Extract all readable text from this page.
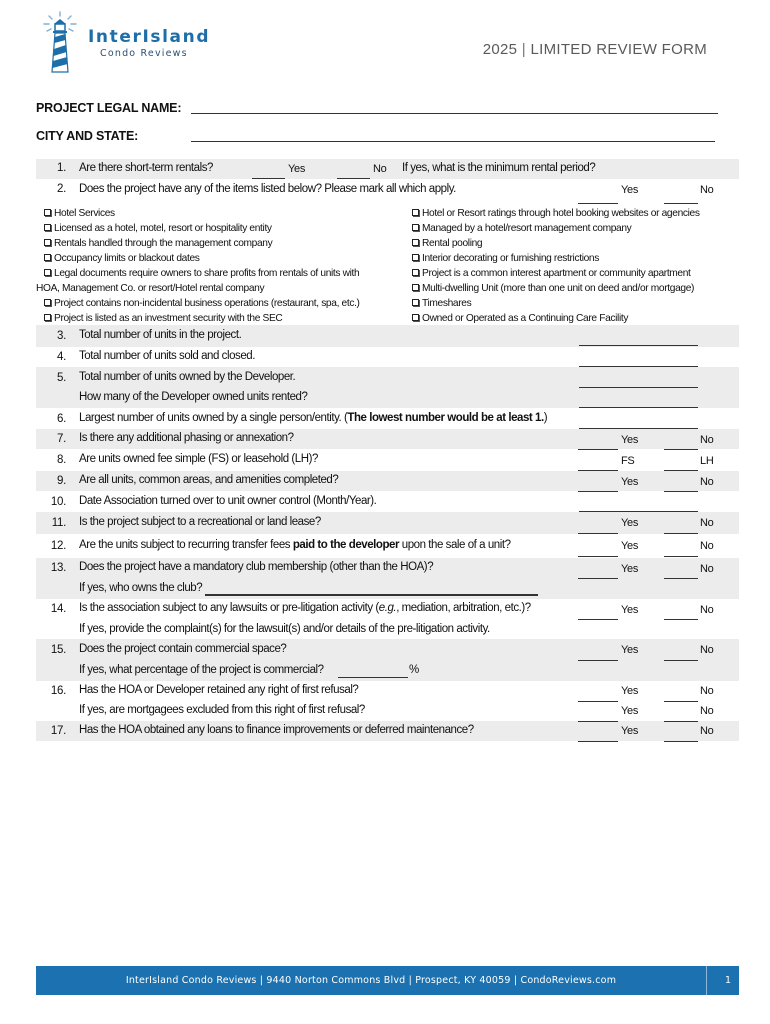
InterIsland
Condo Reviews	2025 | LIMITED REVIEW FORM
PROJECT LEGAL NAME:
CITY AND STATE:
1. Are there short-term rentals?	Yes	No If yes, what is the minimum rental period?
2. Does the project have any of the items listed below? Please mark all which apply.	Yes	No
Hotel Services
Licensed as a hotel, motel, resort or hospitality entity
Rentals handled through the management company
Occupancy limits or blackout dates
Legal documents require owners to share profits from rentals of units with
HOA, Management Co. or resort/Hotel rental company
Project contains non-incidental business operations (restaurant, spa, etc.)
Project is listed as an investment security with the SEC
Hotel or Resort ratings through hotel booking websites or agencies
Managed by a hotel/resort management company
Rental pooling
Interior decorating or furnishing restrictions
Project is a common interest apartment or community apartment
Multi-dwelling Unit (more than one unit on deed and/or mortgage)
Timeshares
Owned or Operated as a Continuing Care Facility
3. Total number of units in the project.
4. Total number of units sold and closed.
5. Total number of units owned by the Developer.
How many of the Developer owned units rented?
6. Largest number of units owned by a single person/entity. (The lowest number would be at least 1.)
7. Is there any additional phasing or annexation?	Yes	No
8. Are units owned fee simple (FS) or leasehold (LH)?	FS	LH
9. Are all units, common areas, and amenities completed?	Yes	No
10. Date Association turned over to unit owner control (Month/Year).
11. Is the project subject to a recreational or land lease?	Yes	No
12. Are the units subject to recurring transfer fees paid to the developer upon the sale of a unit?	Yes	No
13. Does the project have a mandatory club membership (other than the HOA)?	Yes	No
If yes, who owns the club?
14. Is the association subject to any lawsuits or pre-litigation activity (e.g., mediation, arbitration, etc.)?	Yes	No
If yes, provide the complaint(s) for the lawsuit(s) and/or details of the pre-litigation activity.
15. Does the project contain commercial space?	Yes	No
If yes, what percentage of the project is commercial?	%
16. Has the HOA or Developer retained any right of first refusal?	Yes	No
If yes, are mortgagees excluded from this right of first refusal?	Yes	No
17. Has the HOA obtained any loans to finance improvements or deferred maintenance?	Yes	No
InterIsland Condo Reviews | 9440 Norton Commons Blvd | Prospect, KY 40059 | CondoReviews.com	1
